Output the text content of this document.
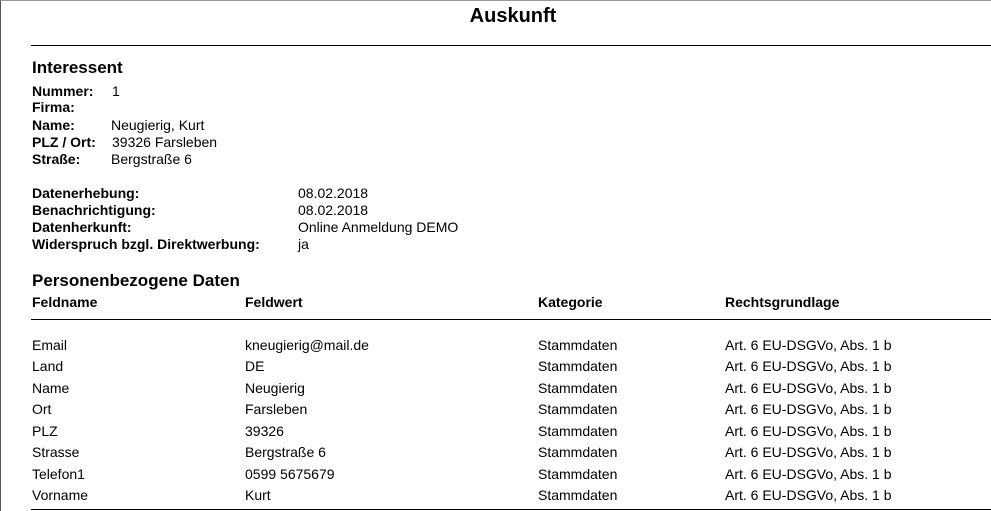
Auskunft
Interessent
Nummer: 1
Firma:
Name:	Neugierig, Kurt
PLZ / Ort: 39326 Farsleben
Straße: Bergstraße 6
Datenerhebung:	08.02.2018
Benachrichtigung:	08.02.2018
Datenherkunft:	Online Anmeldung DEMO
Widerspruch bzgl. Direktwerbung:	ja
Personenbezogene Daten
Feldname	Feldwert	Kategorie	Rechtsgrundlage
Email	kneugierig@mail.de	Stammdaten	Art. 6 EU-DSGVo, Abs. 1 b
Land	DE	Stammdaten	Art. 6 EU-DSGVo, Abs. 1 b
Name	Neugierig	Stammdaten	Art. 6 EU-DSGVo, Abs. 1 b
Ort	Farsleben	Stammdaten	Art. 6 EU-DSGVo, Abs. 1 b
PLZ	39326	Stammdaten	Art. 6 EU-DSGVo, Abs. 1 b
Strasse	Bergstraße 6	Stammdaten	Art. 6 EU-DSGVo, Abs. 1 b
Telefon1	0599 5675679	Stammdaten	Art. 6 EU-DSGVo, Abs. 1 b
Vorname	Kurt	Stammdaten	Art. 6 EU-DSGVo, Abs. 1 b
